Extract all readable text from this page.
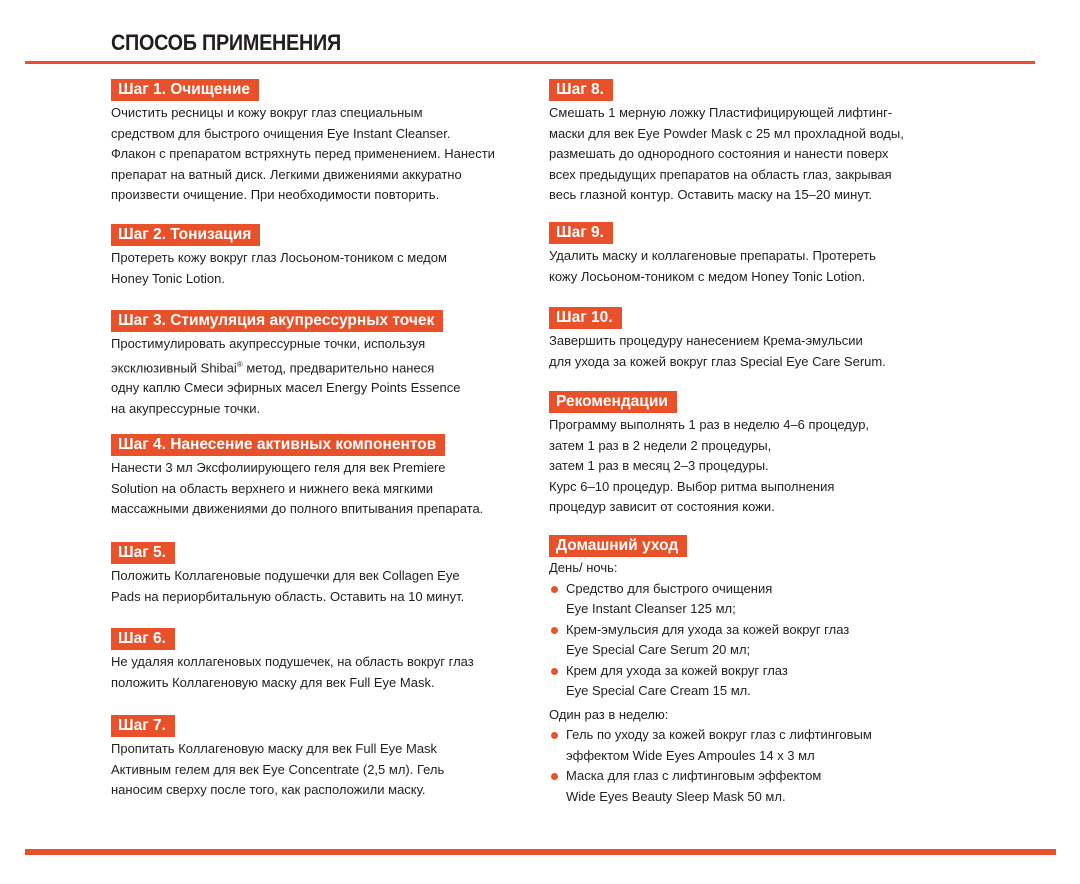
СПОСОБ ПРИМЕНЕНИЯ
Шаг 1. Очищение
Очистить ресницы и кожу вокруг глаз специальным
средством для быстрого очищения Eye Instant Cleanser.
Флакон с препаратом встряхнуть перед применением. Нанести
препарат на ватный диск. Легкими движениями аккуратно
произвести очищение. При необходимости повторить.
Шаг 2. Тонизация
Протереть кожу вокруг глаз Лосьоном-тоником с медом
Honey Tonic Lotion.
Шаг 3. Стимуляция акупрессурных точек
Простимулировать акупрессурные точки, используя
эксклюзивный Shibai® метод, предварительно нанеся
одну каплю Смеси эфирных масел Energy Points Essence
на акупрессурные точки.
Шаг 4. Нанесение активных компонентов
Нанести 3 мл Эксфолиирующего геля для век Premiere
Solution на область верхнего и нижнего века мягкими
массажными движениями до полного впитывания препарата.
Шаг 5.
Положить Коллагеновые подушечки для век Collagen Eye
Pads на периорбитальную область. Оставить на 10 минут.
Шаг 6.
Не удаляя коллагеновых подушечек, на область вокруг глаз
положить Коллагеновую маску для век Full Eye Mask.
Шаг 7.
Пропитать Коллагеновую маску для век Full Eye Mask
Активным гелем для век Eye Concentrate (2,5 мл). Гель
наносим сверху после того, как расположили маску.
Шаг 8.
Смешать 1 мерную ложку Пластифицирующей лифтинг-
маски для век Eye Powder Mask с 25 мл прохладной воды,
размешать до однородного состояния и нанести поверх
всех предыдущих препаратов на область глаз, закрывая
весь глазной контур. Оставить маску на 15–20 минут.
Шаг 9.
Удалить маску и коллагеновые препараты. Протереть
кожу Лосьоном-тоником с медом Honey Tonic Lotion.
Шаг 10.
Завершить процедуру нанесением Крема-эмульсии
для ухода за кожей вокруг глаз Special Eye Care Serum.
Рекомендации
Программу выполнять 1 раз в неделю 4–6 процедур,
затем 1 раз в 2 недели 2 процедуры,
затем 1 раз в месяц 2–3 процедуры.
Курс 6–10 процедур. Выбор ритма выполнения
процедур зависит от состояния кожи.
Домашний уход
День/ ночь:
Средство для быстрого очищения
Eye Instant Cleanser 125 мл;
Крем-эмульсия для ухода за кожей вокруг глаз
Eye Special Care Serum 20 мл;
Крем для ухода за кожей вокруг глаз
Eye Special Care Cream 15 мл.
Один раз в неделю:
Гель по уходу за кожей вокруг глаз с лифтинговым
эффектом Wide Eyes Ampoules 14 х 3 мл
Маска для глаз с лифтинговым эффектом
Wide Eyes Beauty Sleep Mask 50 мл.
